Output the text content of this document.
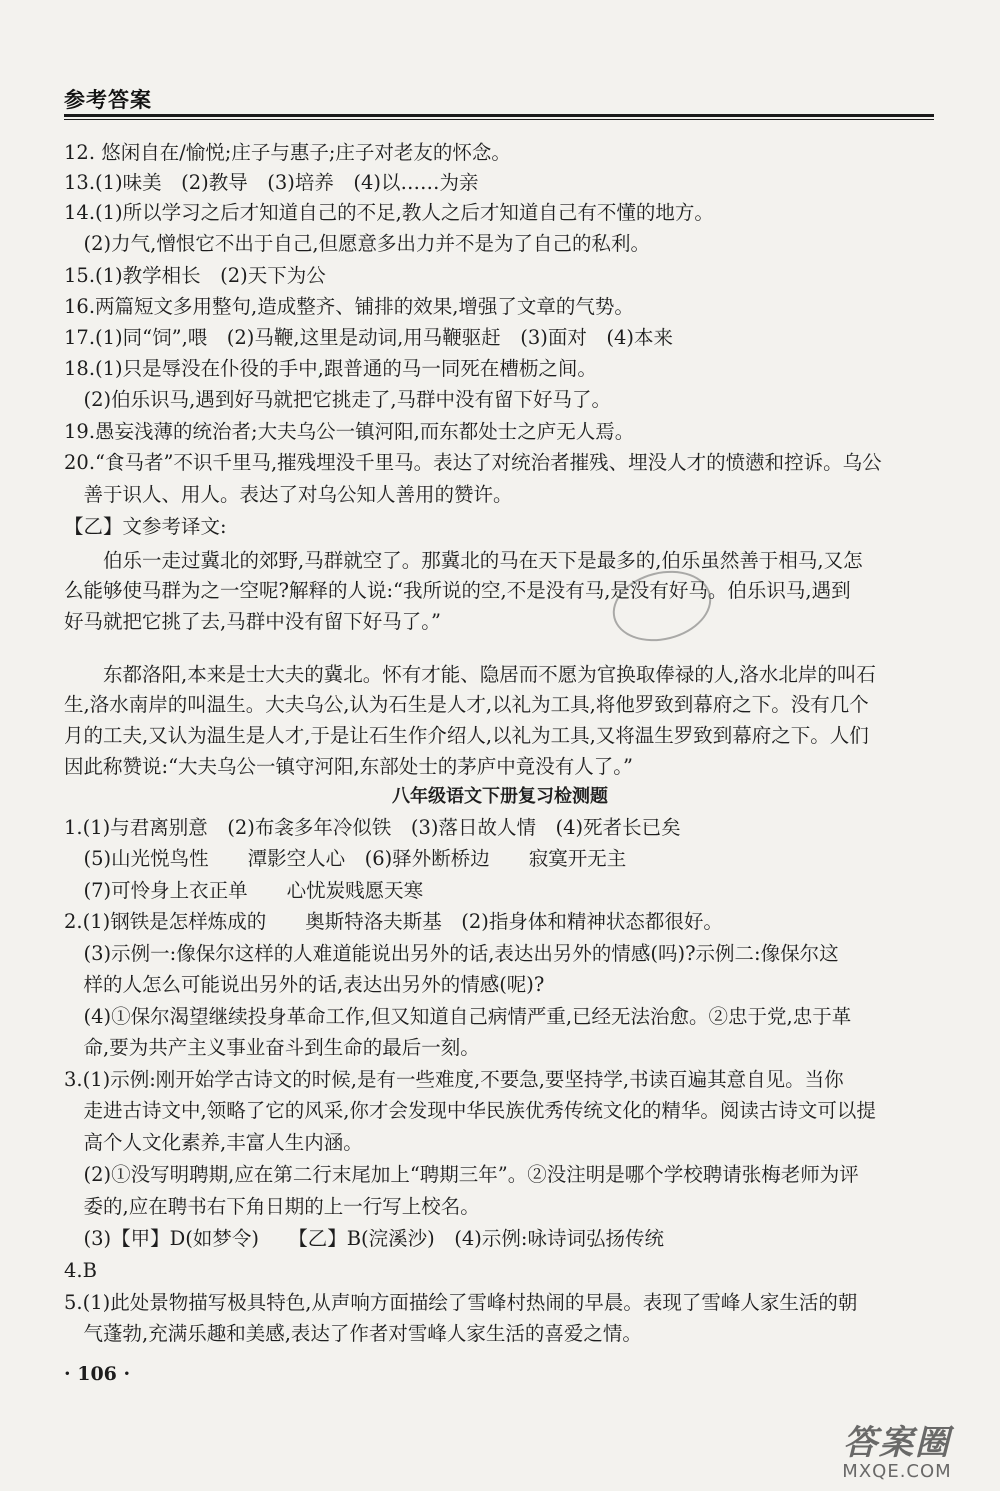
参考答案
12. 悠闲自在/愉悦;庄子与惠子;庄子对老友的怀念。
13.(1)味美　(2)教导　(3)培养　(4)以……为亲
14.(1)所以学习之后才知道自己的不足,教人之后才知道自己有不懂的地方。
　(2)力气,憎恨它不出于自己,但愿意多出力并不是为了自己的私利。
15.(1)教学相长　(2)天下为公
16.两篇短文多用整句,造成整齐、铺排的效果,增强了文章的气势。
17.(1)同“饲”,喂　(2)马鞭,这里是动词,用马鞭驱赶　(3)面对　(4)本来
18.(1)只是辱没在仆役的手中,跟普通的马一同死在槽枥之间。
　(2)伯乐识马,遇到好马就把它挑走了,马群中没有留下好马了。
19.愚妄浅薄的统治者;大夫乌公一镇河阳,而东都处士之庐无人焉。
20.“食马者”不识千里马,摧残埋没千里马。表达了对统治者摧残、埋没人才的愤懑和控诉。乌公
　善于识人、用人。表达了对乌公知人善用的赞许。
【乙】文参考译文:
　　伯乐一走过冀北的郊野,马群就空了。那冀北的马在天下是最多的,伯乐虽然善于相马,又怎
么能够使马群为之一空呢?解释的人说:“我所说的空,不是没有马,是没有好马。伯乐识马,遇到
好马就把它挑了去,马群中没有留下好马了。”
　　东都洛阳,本来是士大夫的冀北。怀有才能、隐居而不愿为官换取俸禄的人,洛水北岸的叫石
生,洛水南岸的叫温生。大夫乌公,认为石生是人才,以礼为工具,将他罗致到幕府之下。没有几个
月的工夫,又认为温生是人才,于是让石生作介绍人,以礼为工具,又将温生罗致到幕府之下。人们
因此称赞说:“大夫乌公一镇守河阳,东部处士的茅庐中竟没有人了。”
八年级语文下册复习检测题
1.(1)与君离别意　(2)布衾多年冷似铁　(3)落日故人情　(4)死者长已矣
　(5)山光悦鸟性　　潭影空人心　(6)驿外断桥边　　寂寞开无主
　(7)可怜身上衣正单　　心忧炭贱愿天寒
2.(1)钢铁是怎样炼成的　　奥斯特洛夫斯基　(2)指身体和精神状态都很好。
　(3)示例一:像保尔这样的人难道能说出另外的话,表达出另外的情感(吗)?示例二:像保尔这
　样的人怎么可能说出另外的话,表达出另外的情感(呢)?
　(4)①保尔渴望继续投身革命工作,但又知道自己病情严重,已经无法治愈。②忠于党,忠于革
　命,要为共产主义事业奋斗到生命的最后一刻。
3.(1)示例:刚开始学古诗文的时候,是有一些难度,不要急,要坚持学,书读百遍其意自见。当你
　走进古诗文中,领略了它的风采,你才会发现中华民族优秀传统文化的精华。阅读古诗文可以提
　高个人文化素养,丰富人生内涵。
　(2)①没写明聘期,应在第二行末尾加上“聘期三年”。②没注明是哪个学校聘请张梅老师为评
　委的,应在聘书右下角日期的上一行写上校名。
　(3)【甲】D(如梦令)　　【乙】B(浣溪沙)　(4)示例:咏诗词弘扬传统
4.B
5.(1)此处景物描写极具特色,从声响方面描绘了雪峰村热闹的早晨。表现了雪峰人家生活的朝
　气蓬勃,充满乐趣和美感,表达了作者对雪峰人家生活的喜爱之情。
· 106 ·
答案圈
MXQE.COM
